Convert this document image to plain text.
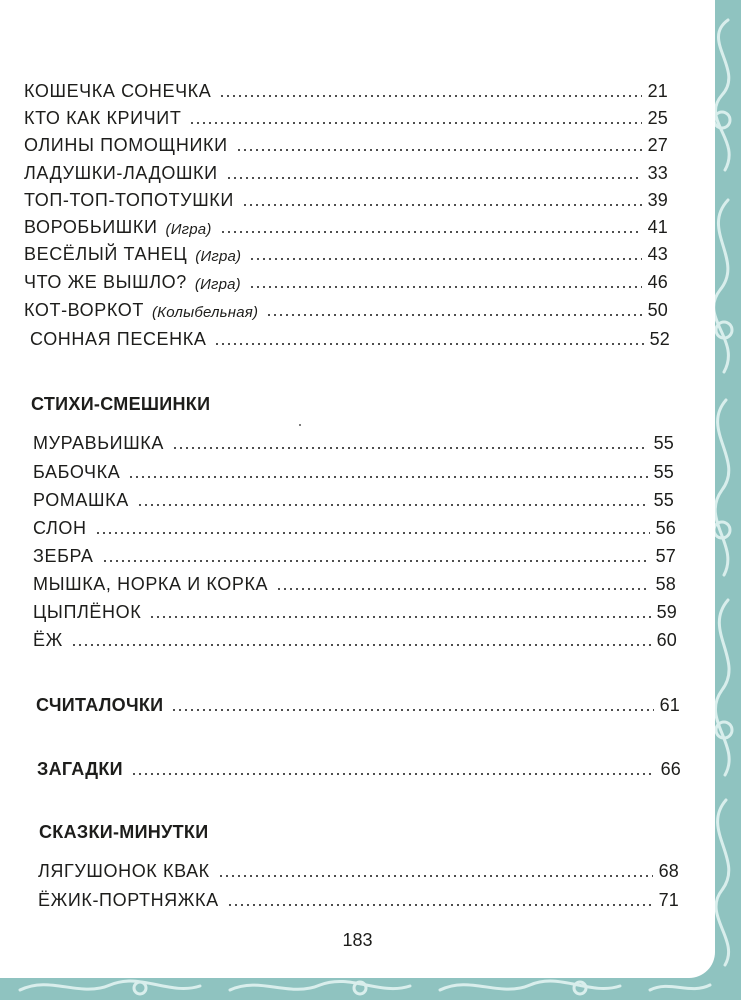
КОШЕЧКА СОНЕЧКА	21
КТО КАК КРИЧИТ	25
ОЛИНЫ ПОМОЩНИКИ	27
ЛАДУШКИ-ЛАДОШКИ	33
ТОП-ТОП-ТОПОТУШКИ	39
ВОРОБЬИШКИ (Игра)	41
ВЕСЁЛЫЙ ТАНЕЦ (Игра)	43
ЧТО ЖЕ ВЫШЛО? (Игра)	46
КОТ-ВОРКОТ (Колыбельная)	50
СОННАЯ ПЕСЕНКА	52
СТИХИ-СМЕШИНКИ
МУРАВЬИШКА	55
БАБОЧКА	55
РОМАШКА	55
СЛОН	56
ЗЕБРА	57
МЫШКА, НОРКА И КОРКА	58
ЦЫПЛЁНОК	59
ЁЖ	60
СЧИТАЛОЧКИ	61
ЗАГАДКИ	66
СКАЗКИ-МИНУТКИ
ЛЯГУШОНОК КВАК	68
ЁЖИК-ПОРТНЯЖКА	71
183
